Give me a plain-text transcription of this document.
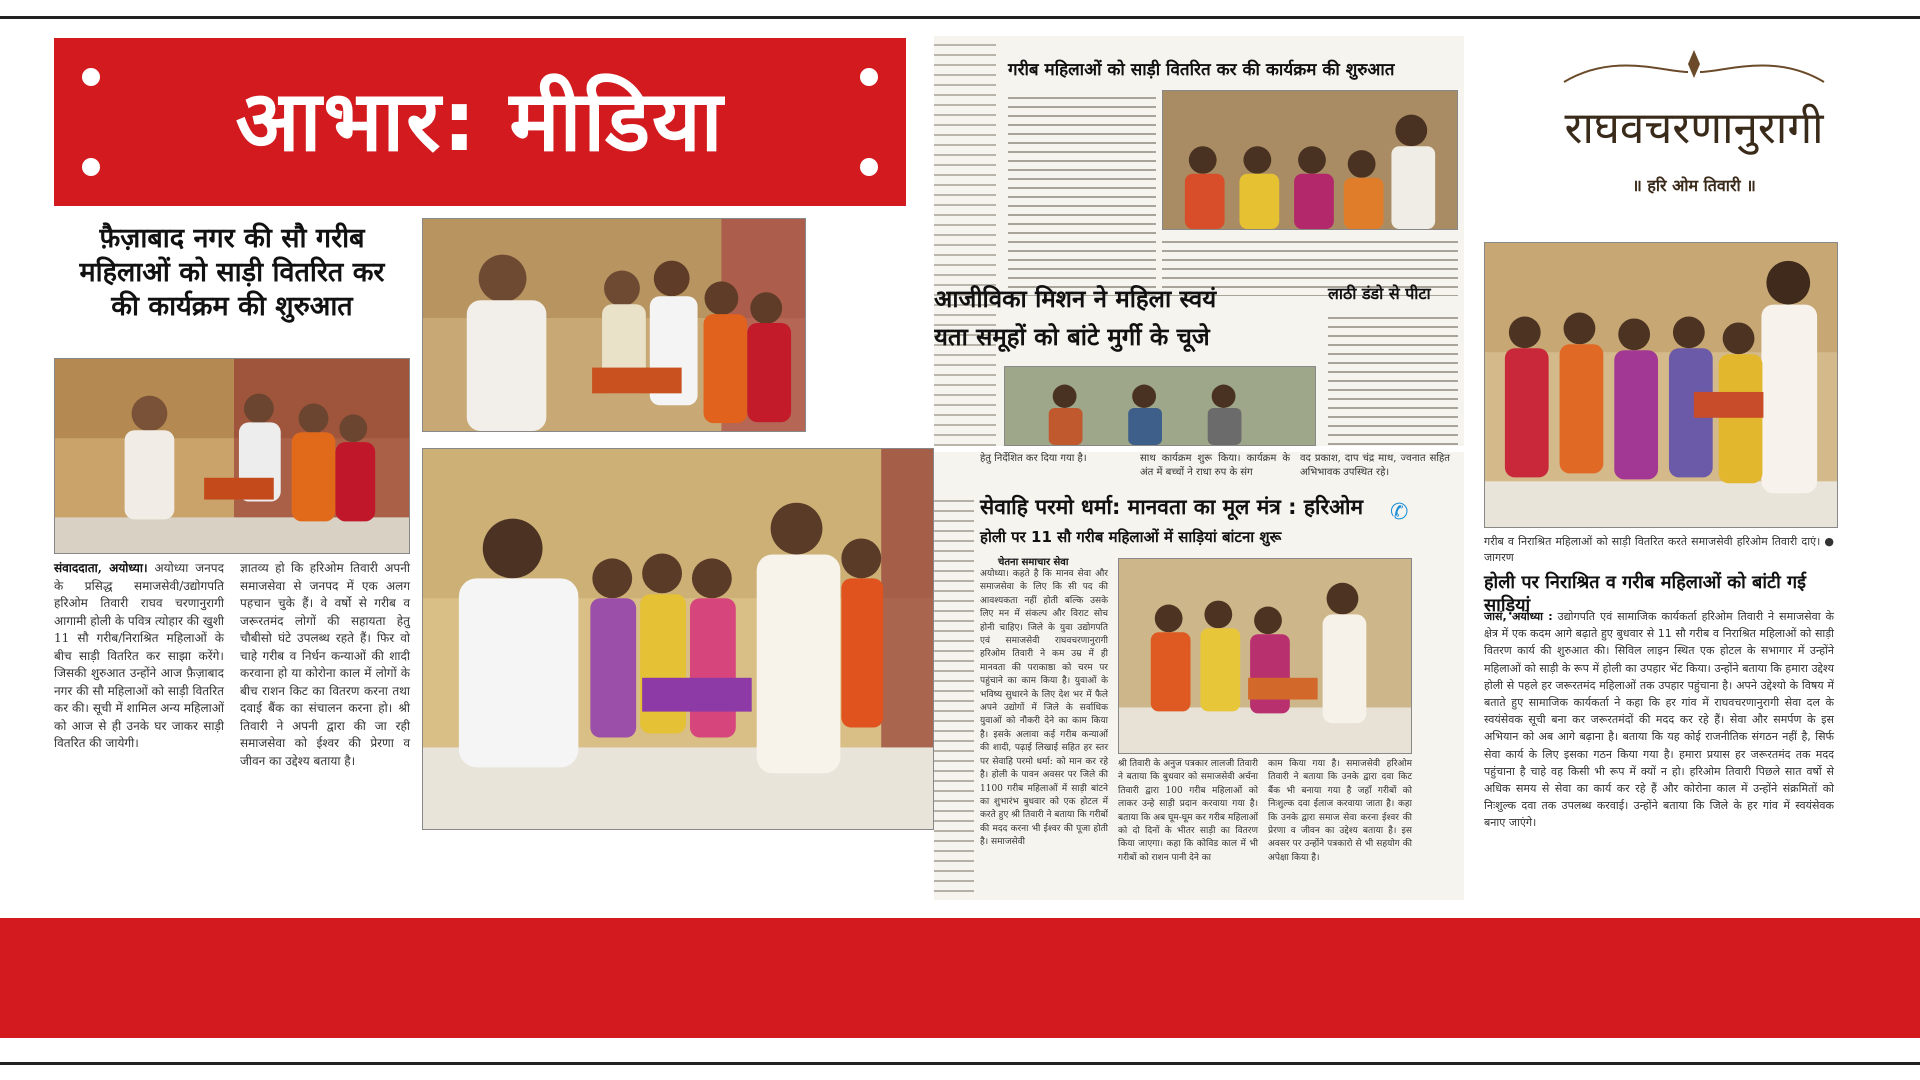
आभार: मीडिया
फ़ैज़ाबाद नगर की सौ गरीब
महिलाओं को साड़ी वितरित कर
की कार्यक्रम की शुरुआत
संवाददाता, अयोध्या। अयोध्या जनपद के प्रसिद्ध समाजसेवी/उद्योगपति हरिओम तिवारी राघव चरणानुरागी आगामी होली के पवित्र त्योहार की खुशी 11 सौ गरीब/निराश्रित महिलाओं के बीच साड़ी वितरित कर साझा करेंगे। जिसकी शुरुआत उन्होंने आज फ़ैज़ाबाद नगर की सौ महिलाओं को साड़ी वितरित कर की। सूची में शामिल अन्य महिलाओं को आज से ही उनके घर जाकर साड़ी वितरित की जायेगी।
ज्ञातव्य हो कि हरिओम तिवारी अपनी समाजसेवा से जनपद में एक अलग पहचान चुके हैं। वे वर्षो से गरीब व जरूरतमंद लोगों की सहायता हेतु चौबीसो घंटे उपलब्ध रहते हैं। फिर वो चाहे गरीब व निर्धन कन्याओं की शादी करवाना हो या कोरोना काल में लोगों के बीच राशन किट का वितरण करना तथा दवाई बैंक का संचालन करना हो। श्री तिवारी ने अपनी द्वारा की जा रही समाजसेवा को ईश्वर की प्रेरणा व जीवन का उद्देश्य बताया है।
गरीब महिलाओं को साड़ी वितरित कर की कार्यक्रम की शुरुआत
आजीविका मिशन ने महिला स्वयं
यता समूहों को बांटे मुर्गी के चूजे
लाठी डंडो से पीटा
हेतु निर्देशित कर दिया गया है।	साथ कार्यक्रम शुरू किया। कार्यक्रम के अंत में बच्चों ने राधा रुप के संग
वद प्रकाश, दाप चंद्र माथ, ज्वनात सहित अभिभावक उपस्थित रहे।
सेवाहि परमो धर्मा: मानवता का मूल मंत्र : हरिओम
होली पर 11 सौ गरीब महिलाओं में साड़ियां बांटना शुरू
चेतना समाचार सेवा
अयोध्या। कहते है कि मानव सेवा और समाजसेवा के लिए कि सी पद की आवश्यकता नहीं होती बल्कि उसके लिए मन में संकल्प और विराट सोच होनी चाहिए। जिले के युवा उद्योगपति एवं समाजसेवी राघवचरणानुरागी हरिओम तिवारी ने कम उम्र में ही मानवता की पराकाष्ठा को चरम पर पहुंचाने का काम किया है। युवाओं के भविष्य सुधारने के लिए देश भर में फैले अपने उद्योगों में जिले के सर्वाधिक युवाओं को नौकरी देने का काम किया है। इसके अलावा कई गरीब कन्याओं की शादी, पढ़ाई लिखाई सहित हर स्तर पर सेवाहि परमो धर्मा: को मान कर रहे है। होली के पावन अवसर पर जिले की 1100 गरीब महिलाओं में साड़ी बांटने का शुभारंभ बुधवार को एक होटल में करते हुए श्री तिवारी ने बताया कि गरीबों की मदद करना भी ईश्वर की पूजा होती है। समाजसेवी
श्री तिवारी के अनुज पत्रकार लालजी तिवारी ने बताया कि बुधवार को समाजसेवी अर्चना तिवारी द्वारा 100 गरीब महिलाओं को लाकर उन्हे साड़ी प्रदान करवाया गया है। बताया कि अब घूम-घूम कर गरीब महिलाओं को दो दिनों के भीतर साड़ी का वितरण किया जाएगा। कहा कि कोविड काल में भी गरीबों को राशन पानी देने का
काम किया गया है। समाजसेवी हरिओम तिवारी ने बताया कि उनके द्वारा दवा किट बैंक भी बनाया गया है जहाँ गरीबों को निःशुल्क दवा ईलाज करवाया जाता है। कहा कि उनके द्वारा समाज सेवा करना ईश्वर की प्रेरणा व जीवन का उद्देश्य बताया है। इस अवसर पर उन्होंने पत्रकारो से भी सहयोग की अपेक्षा किया है।
✆
राघवचरणानुरागी
॥ हरि ओम तिवारी ॥
गरीब व निराश्रित महिलाओं को साड़ी वितरित करते समाजसेवी हरिओम तिवारी दाएं। ● जागरण
होली पर निराश्रित व गरीब महिलाओं को बांटी गई साड़ियां
जासं, अयोध्या : उद्योगपति एवं सामाजिक कार्यकर्ता हरिओम तिवारी ने समाजसेवा के क्षेत्र में एक कदम आगे बढ़ाते हुए बुधवार से 11 सौ गरीब व निराश्रित महिलाओं को साड़ी वितरण कार्य की शुरुआत की। सिविल लाइन स्थित एक होटल के सभागार में उन्होंने महिलाओं को साड़ी के रूप में होली का उपहार भेंट किया। उन्होंने बताया कि हमारा उद्देश्य होली से पहले हर जरूरतमंद महिलाओं तक उपहार पहुंचाना है। अपने उद्देश्यो के विषय में बताते हुए सामाजिक कार्यकर्ता ने कहा कि हर गांव में राघवचरणानुरागी सेवा दल के स्वयंसेवक सूची बना कर जरूरतमंदों की मदद कर रहे हैं। सेवा और समर्पण के इस अभियान को अब आगे बढ़ाना है। बताया कि यह कोई राजनीतिक संगठन नहीं है, सिर्फ सेवा कार्य के लिए इसका गठन किया गया है। हमारा प्रयास हर जरूरतमंद तक मदद पहुंचाना है चाहे वह किसी भी रूप में क्यों न हो। हरिओम तिवारी पिछले सात वर्षो से अधिक समय से सेवा का कार्य कर रहे हैं और कोरोना काल में उन्होंने संक्रमितों को निःशुल्क दवा तक उपलब्ध करवाई। उन्होंने बताया कि जिले के हर गांव में स्वयंसेवक बनाए जाएंगे।
